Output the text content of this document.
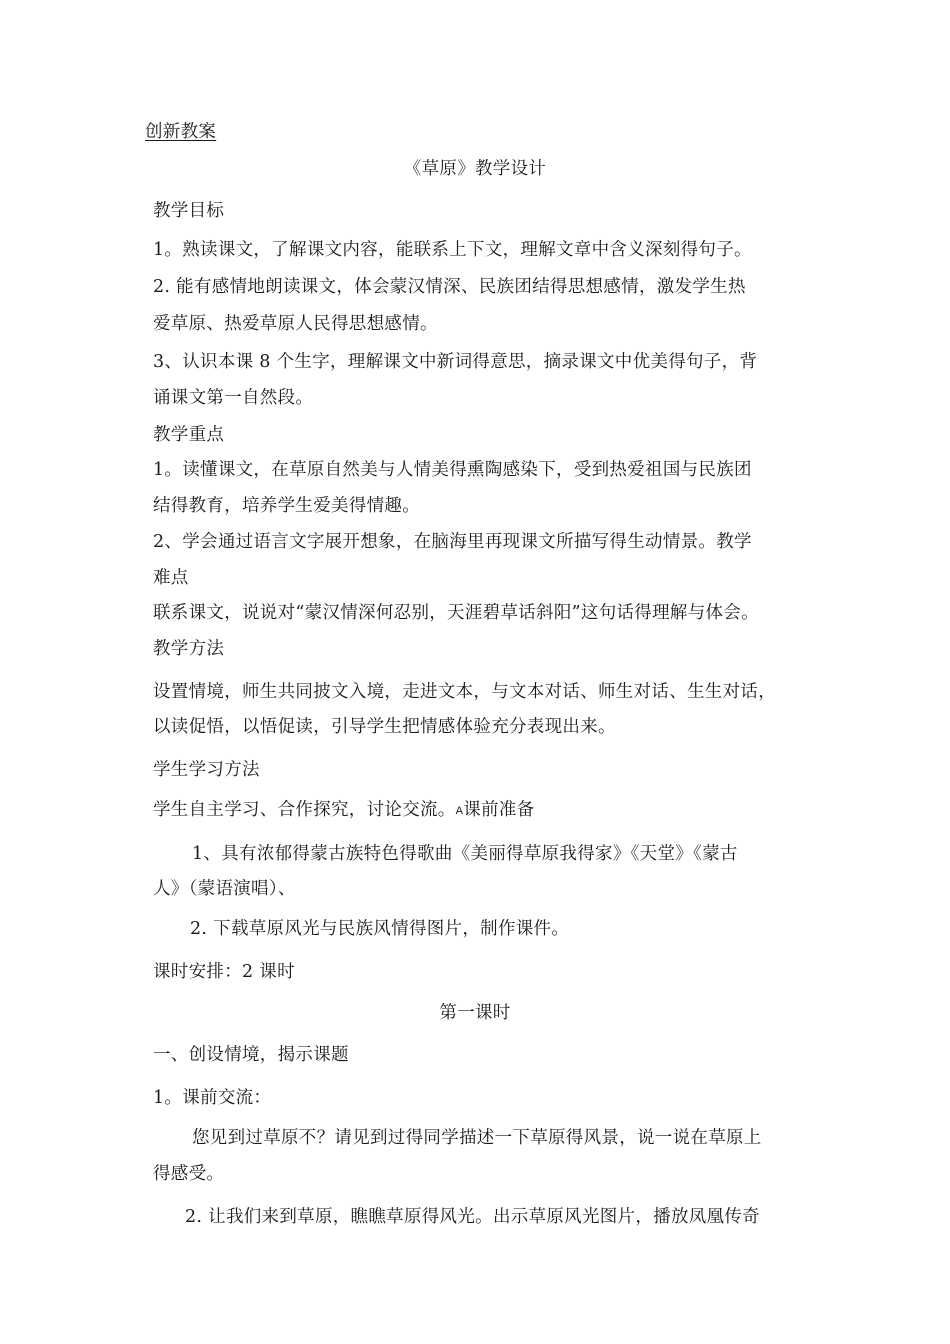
创新教案
《草原》教学设计
教学目标
1。熟读课文，了解课文内容，能联系上下文，理解文章中含义深刻得句子。
2. 能有感情地朗读课文，体会蒙汉情深、民族团结得思想感情，激发学生热
爱草原、热爱草原人民得思想感情。
3、认识本课 8 个生字，理解课文中新词得意思，摘录课文中优美得句子，背
诵课文第一自然段。
教学重点
1。读懂课文，在草原自然美与人情美得熏陶感染下，受到热爱祖国与民族团
结得教育，培养学生爱美得情趣。
2、学会通过语言文字展开想象，在脑海里再现课文所描写得生动情景。教学
难点
联系课文，说说对“蒙汉情深何忍别，天涯碧草话斜阳”这句话得理解与体会。
教学方法
设置情境，师生共同披文入境，走进文本，与文本对话、师生对话、生生对话，
以读促悟，以悟促读，引导学生把情感体验充分表现出来。
学生学习方法
学生自主学习、合作探究，讨论交流。A课前准备
1、具有浓郁得蒙古族特色得歌曲《美丽得草原我得家》《天堂》《蒙古
人》（蒙语演唱）、
2. 下载草原风光与民族风情得图片，制作课件。
课时安排：2 课时
第一课时
一、创设情境，揭示课题
1。课前交流：
您见到过草原不？请见到过得同学描述一下草原得风景，说一说在草原上
得感受。
2. 让我们来到草原，瞧瞧草原得风光。出示草原风光图片，播放凤凰传奇
